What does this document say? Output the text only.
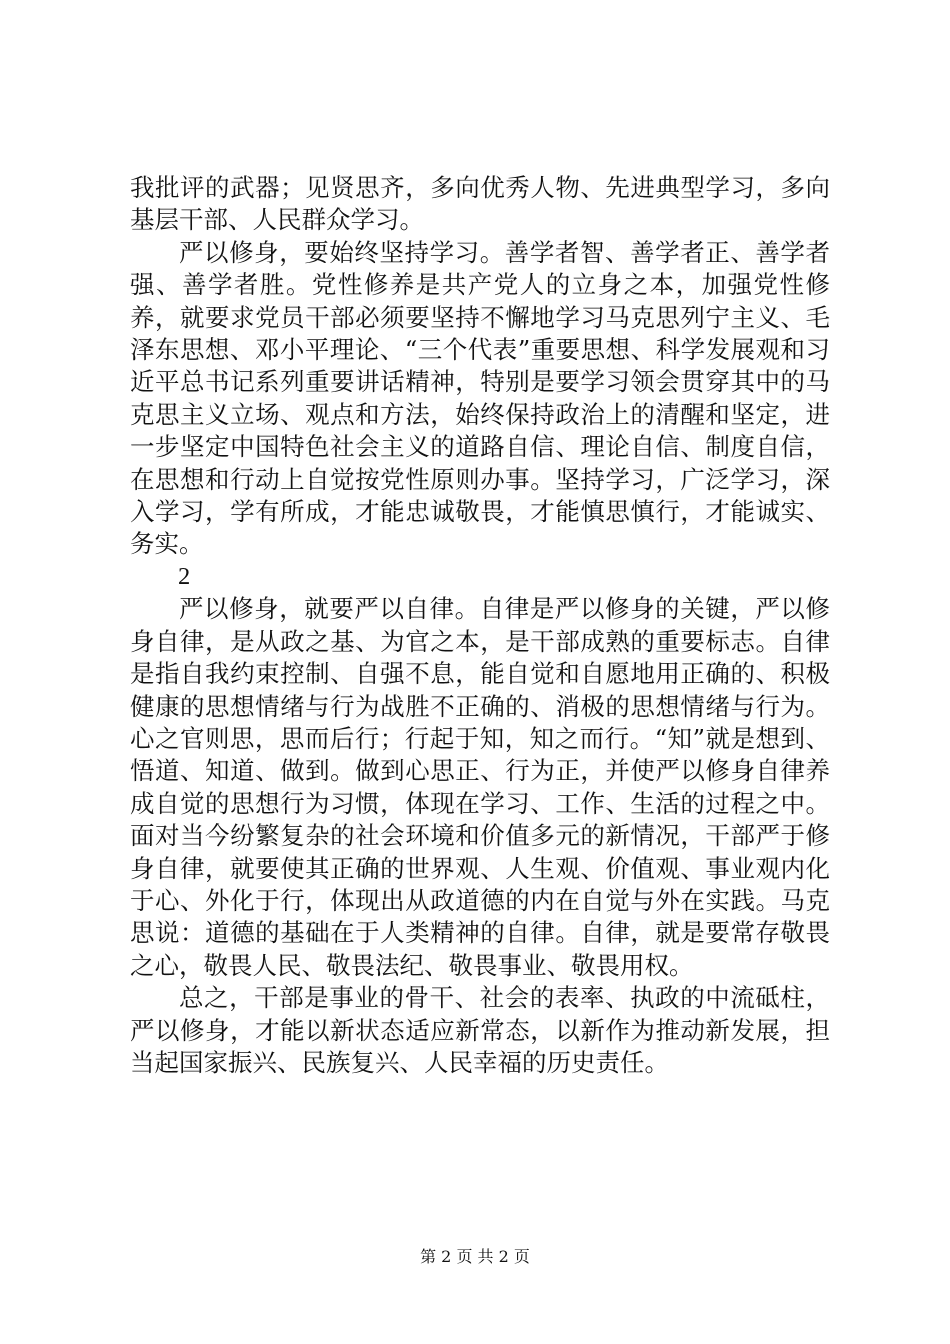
我批评的武器；见贤思齐，多向优秀人物、先进典型学习，多向基层干部、人民群众学习。

严以修身，要始终坚持学习。善学者智、善学者正、善学者强、善学者胜。党性修养是共产党人的立身之本，加强党性修养，就要求党员干部必须要坚持不懈地学习马克思列宁主义、毛泽东思想、邓小平理论、“三个代表”重要思想、科学发展观和习近平总书记系列重要讲话精神，特别是要学习领会贯穿其中的马克思主义立场、观点和方法，始终保持政治上的清醒和坚定，进一步坚定中国特色社会主义的道路自信、理论自信、制度自信，在思想和行动上自觉按党性原则办事。坚持学习，广泛学习，深入学习，学有所成，才能忠诚敬畏，才能慎思慎行，才能诚实、务实。

2

严以修身，就要严以自律。自律是严以修身的关键，严以修身自律，是从政之基、为官之本，是干部成熟的重要标志。自律是指自我约束控制、自强不息，能自觉和自愿地用正确的、积极健康的思想情绪与行为战胜不正确的、消极的思想情绪与行为。心之官则思，思而后行；行起于知，知之而行。“知”就是想到、悟道、知道、做到。做到心思正、行为正，并使严以修身自律养成自觉的思想行为习惯，体现在学习、工作、生活的过程之中。面对当今纷繁复杂的社会环境和价值多元的新情况，干部严于修身自律，就要使其正确的世界观、人生观、价值观、事业观内化于心、外化于行，体现出从政道德的内在自觉与外在实践。马克思说：道德的基础在于人类精神的自律。自律，就是要常存敬畏之心，敬畏人民、敬畏法纪、敬畏事业、敬畏用权。

总之，干部是事业的骨干、社会的表率、执政的中流砥柱，严以修身，才能以新状态适应新常态，以新作为推动新发展，担当起国家振兴、民族复兴、人民幸福的历史责任。

第 2 页 共 2 页
